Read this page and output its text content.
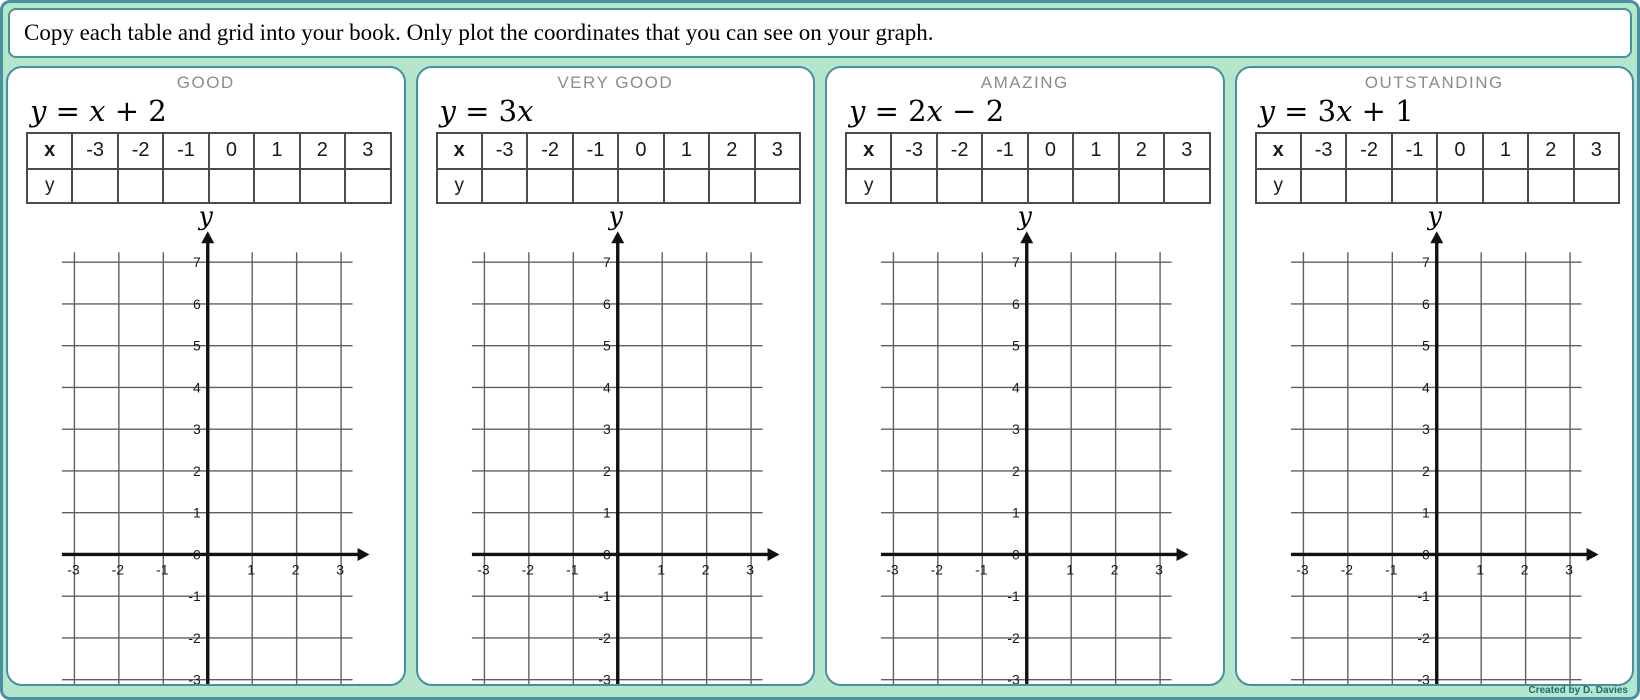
Copy each table and grid into your book. Only plot the coordinates that you can see on your graph.
GOOD
y = x + 2
x	-3	-2	-1	0	1	2	3
y							
y
7
6
5
4
3
2
1
0
-1
-2
-3
-3 -2 -1	1	2	3
VERY GOOD
y = 3x
x	-3	-2	-1	0	1	2	3
y							
y
7
6
5
4
3
2
1
0
-1
-2
-3
-3 -2 -1	1	2	3
AMAZING
y = 2x − 2
x	-3	-2	-1	0	1	2	3
y							
y
7
6
5
4
3
2
1
0
-1
-2
-3
-3 -2 -1	1	2	3
OUTSTANDING
y = 3x + 1
x	-3	-2	-1	0	1	2	3
y							
y
7
6
5
4
3
2
1
0
-1
-2
-3
-3 -2 -1	1	2	3
Created by D. Davies
